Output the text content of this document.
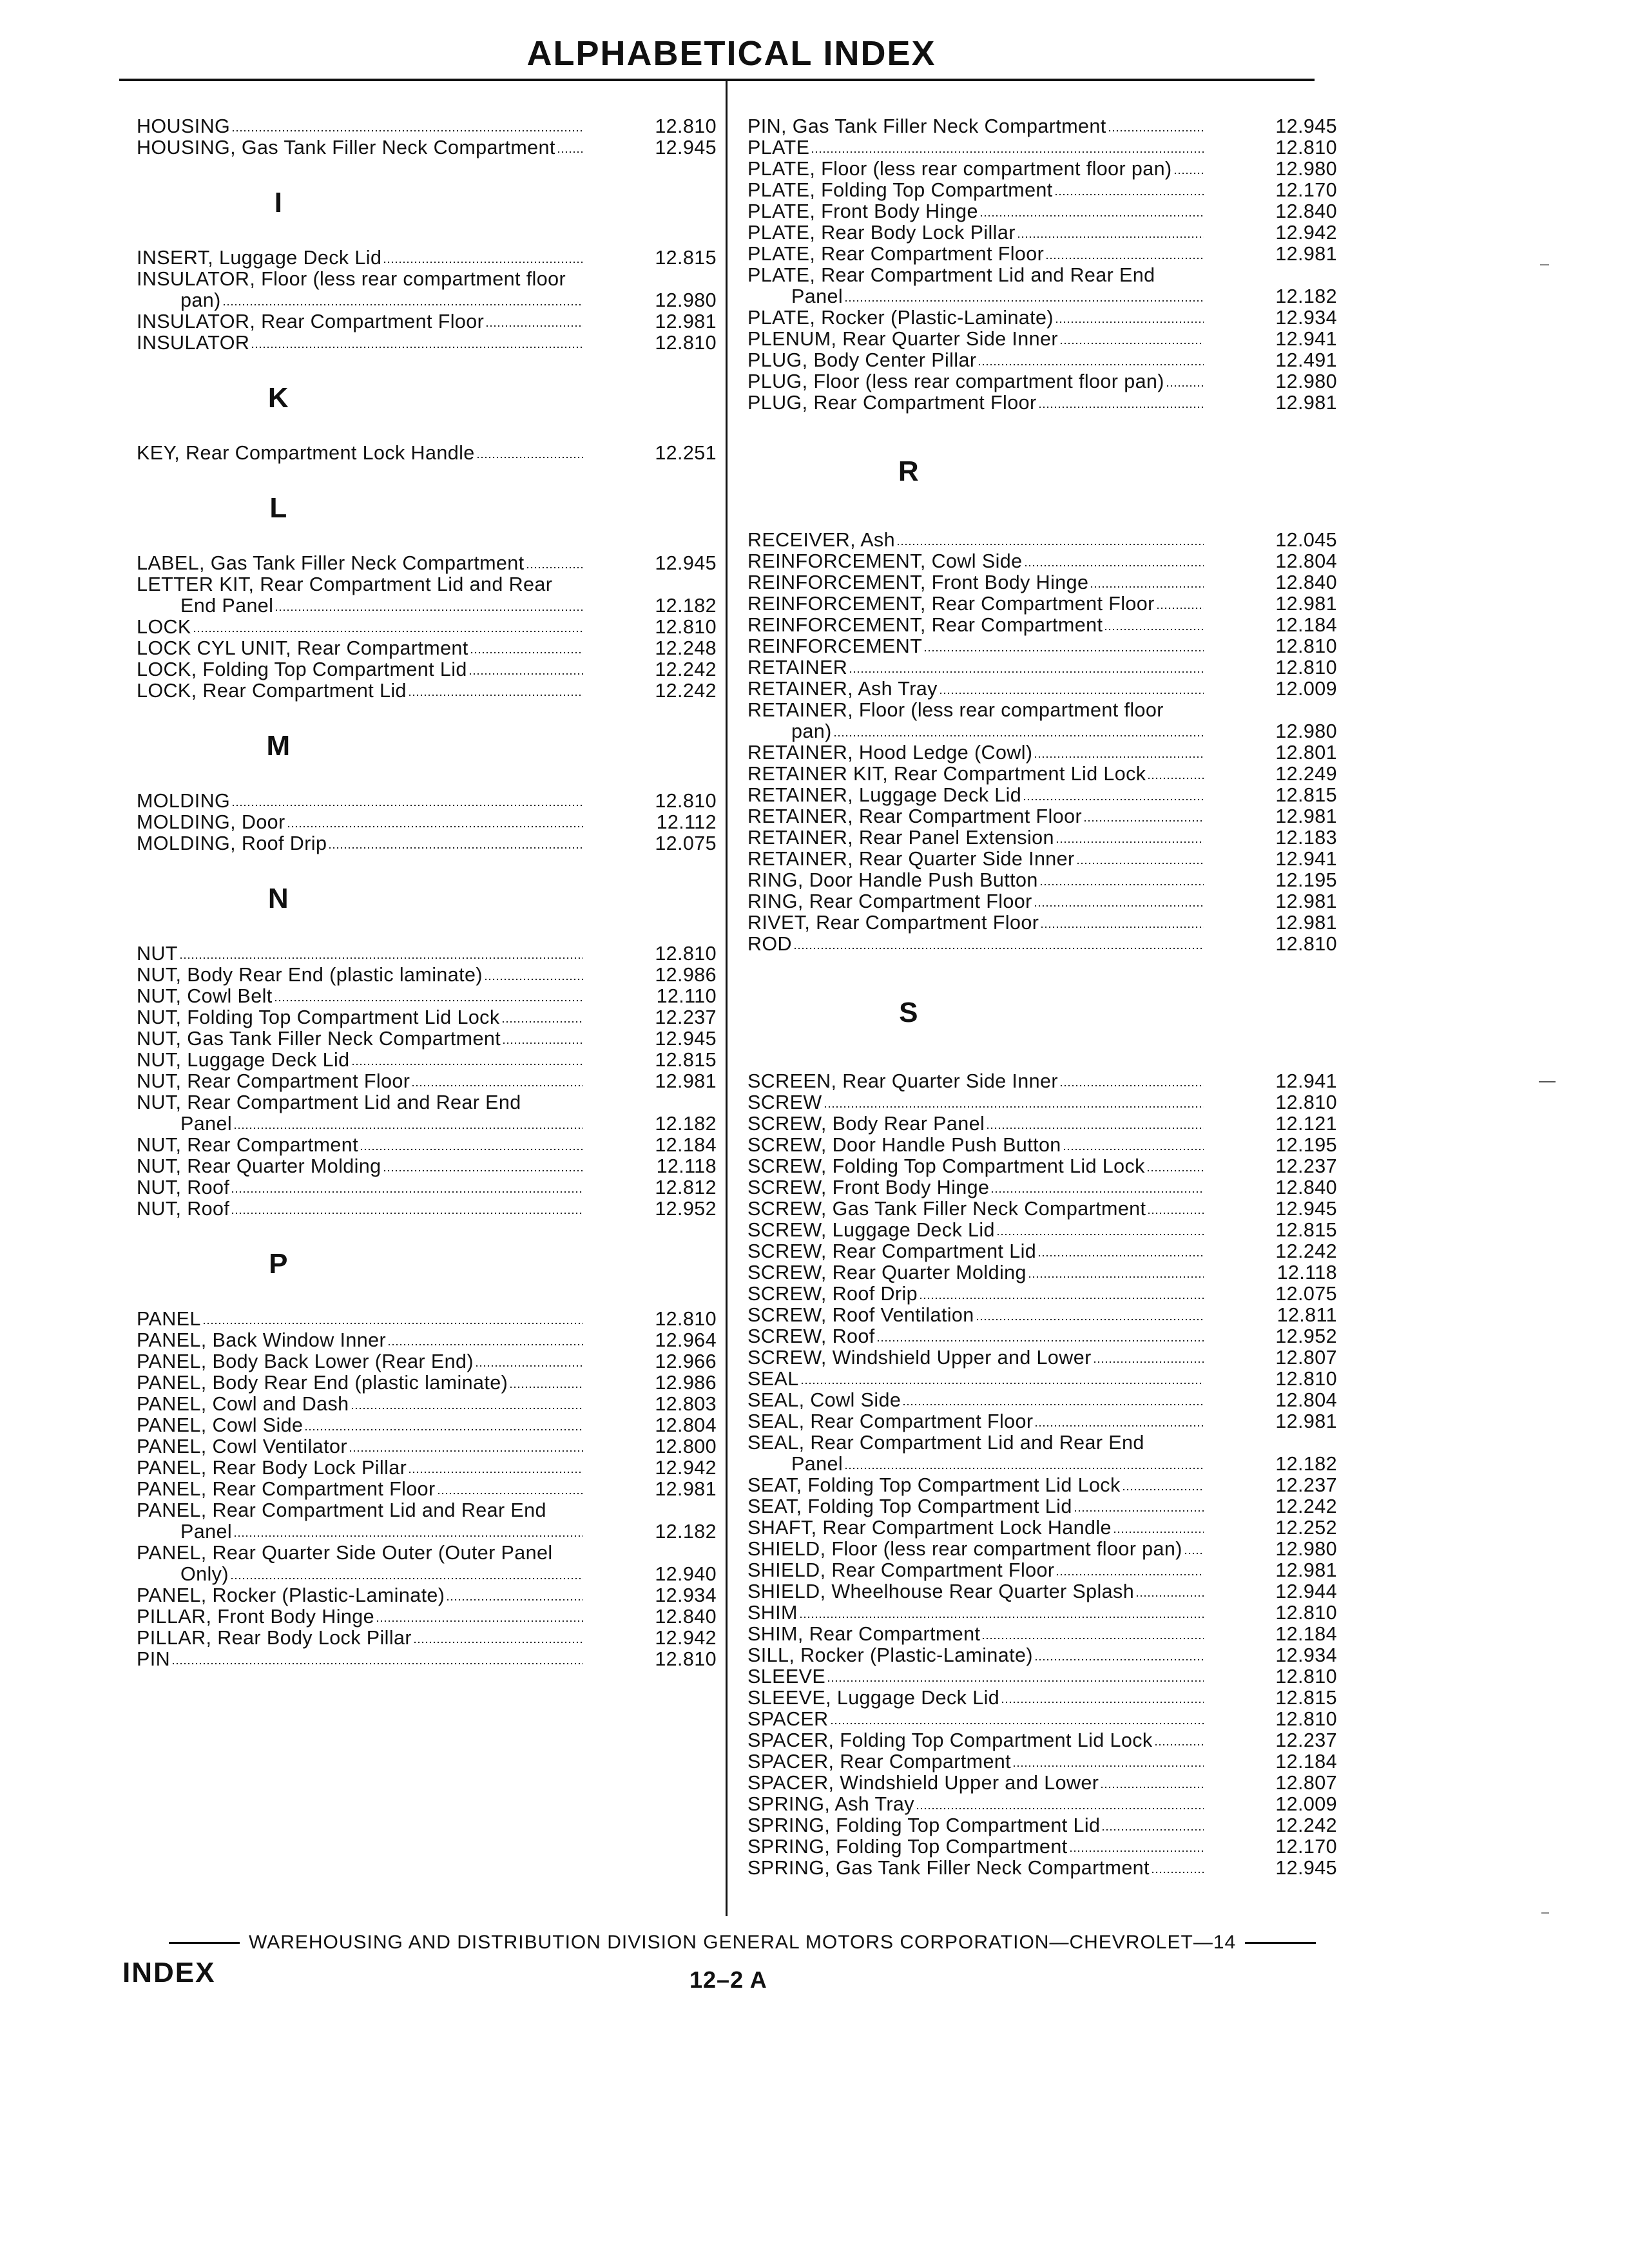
ALPHABETICAL INDEX
HOUSING	12.810
HOUSING, Gas Tank Filler Neck Compartment	12.945
I
INSERT, Luggage Deck Lid	12.815
INSULATOR, Floor (less rear compartment floor
pan)	12.980
INSULATOR, Rear Compartment Floor	12.981
INSULATOR	12.810
K
KEY, Rear Compartment Lock Handle	12.251
L
LABEL, Gas Tank Filler Neck Compartment	12.945
LETTER KIT, Rear Compartment Lid and Rear
End Panel	12.182
LOCK	12.810
LOCK CYL UNIT, Rear Compartment	12.248
LOCK, Folding Top Compartment Lid	12.242
LOCK, Rear Compartment Lid	12.242
M
MOLDING	12.810
MOLDING, Door	12.112
MOLDING, Roof Drip	12.075
N
NUT	12.810
NUT, Body Rear End (plastic laminate)	12.986
NUT, Cowl Belt	12.110
NUT, Folding Top Compartment Lid Lock	12.237
NUT, Gas Tank Filler Neck Compartment	12.945
NUT, Luggage Deck Lid	12.815
NUT, Rear Compartment Floor	12.981
NUT, Rear Compartment Lid and Rear End
Panel	12.182
NUT, Rear Compartment	12.184
NUT, Rear Quarter Molding	12.118
NUT, Roof	12.812
NUT, Roof	12.952
P
PANEL	12.810
PANEL, Back Window Inner	12.964
PANEL, Body Back Lower (Rear End)	12.966
PANEL, Body Rear End (plastic laminate)	12.986
PANEL, Cowl and Dash	12.803
PANEL, Cowl Side	12.804
PANEL, Cowl Ventilator	12.800
PANEL, Rear Body Lock Pillar	12.942
PANEL, Rear Compartment Floor	12.981
PANEL, Rear Compartment Lid and Rear End
Panel	12.182
PANEL, Rear Quarter Side Outer (Outer Panel
Only)	12.940
PANEL, Rocker (Plastic-Laminate)	12.934
PILLAR, Front Body Hinge	12.840
PILLAR, Rear Body Lock Pillar	12.942
PIN	12.810
PIN, Gas Tank Filler Neck Compartment	12.945
PLATE	12.810
PLATE, Floor (less rear compartment floor pan)	12.980
PLATE, Folding Top Compartment	12.170
PLATE, Front Body Hinge	12.840
PLATE, Rear Body Lock Pillar	12.942
PLATE, Rear Compartment Floor	12.981
PLATE, Rear Compartment Lid and Rear End
Panel	12.182
PLATE, Rocker (Plastic-Laminate)	12.934
PLENUM, Rear Quarter Side Inner	12.941
PLUG, Body Center Pillar	12.491
PLUG, Floor (less rear compartment floor pan)	12.980
PLUG, Rear Compartment Floor	12.981
R
RECEIVER, Ash	12.045
REINFORCEMENT, Cowl Side	12.804
REINFORCEMENT, Front Body Hinge	12.840
REINFORCEMENT, Rear Compartment Floor	12.981
REINFORCEMENT, Rear Compartment	12.184
REINFORCEMENT	12.810
RETAINER	12.810
RETAINER, Ash Tray	12.009
RETAINER, Floor (less rear compartment floor
pan)	12.980
RETAINER, Hood Ledge (Cowl)	12.801
RETAINER KIT, Rear Compartment Lid Lock	12.249
RETAINER, Luggage Deck Lid	12.815
RETAINER, Rear Compartment Floor	12.981
RETAINER, Rear Panel Extension	12.183
RETAINER, Rear Quarter Side Inner	12.941
RING, Door Handle Push Button	12.195
RING, Rear Compartment Floor	12.981
RIVET, Rear Compartment Floor	12.981
ROD	12.810
S
SCREEN, Rear Quarter Side Inner	12.941
SCREW	12.810
SCREW, Body Rear Panel	12.121
SCREW, Door Handle Push Button	12.195
SCREW, Folding Top Compartment Lid Lock	12.237
SCREW, Front Body Hinge	12.840
SCREW, Gas Tank Filler Neck Compartment	12.945
SCREW, Luggage Deck Lid	12.815
SCREW, Rear Compartment Lid	12.242
SCREW, Rear Quarter Molding	12.118
SCREW, Roof Drip	12.075
SCREW, Roof Ventilation	12.811
SCREW, Roof	12.952
SCREW, Windshield Upper and Lower	12.807
SEAL	12.810
SEAL, Cowl Side	12.804
SEAL, Rear Compartment Floor	12.981
SEAL, Rear Compartment Lid and Rear End
Panel	12.182
SEAT, Folding Top Compartment Lid Lock	12.237
SEAT, Folding Top Compartment Lid	12.242
SHAFT, Rear Compartment Lock Handle	12.252
SHIELD, Floor (less rear compartment floor pan)	12.980
SHIELD, Rear Compartment Floor	12.981
SHIELD, Wheelhouse Rear Quarter Splash	12.944
SHIM	12.810
SHIM, Rear Compartment	12.184
SILL, Rocker (Plastic-Laminate)	12.934
SLEEVE	12.810
SLEEVE, Luggage Deck Lid	12.815
SPACER	12.810
SPACER, Folding Top Compartment Lid Lock	12.237
SPACER, Rear Compartment	12.184
SPACER, Windshield Upper and Lower	12.807
SPRING, Ash Tray	12.009
SPRING, Folding Top Compartment Lid	12.242
SPRING, Folding Top Compartment	12.170
SPRING, Gas Tank Filler Neck Compartment	12.945
WAREHOUSING AND DISTRIBUTION DIVISION GENERAL MOTORS CORPORATION—CHEVROLET—14
INDEX	12–2 A
